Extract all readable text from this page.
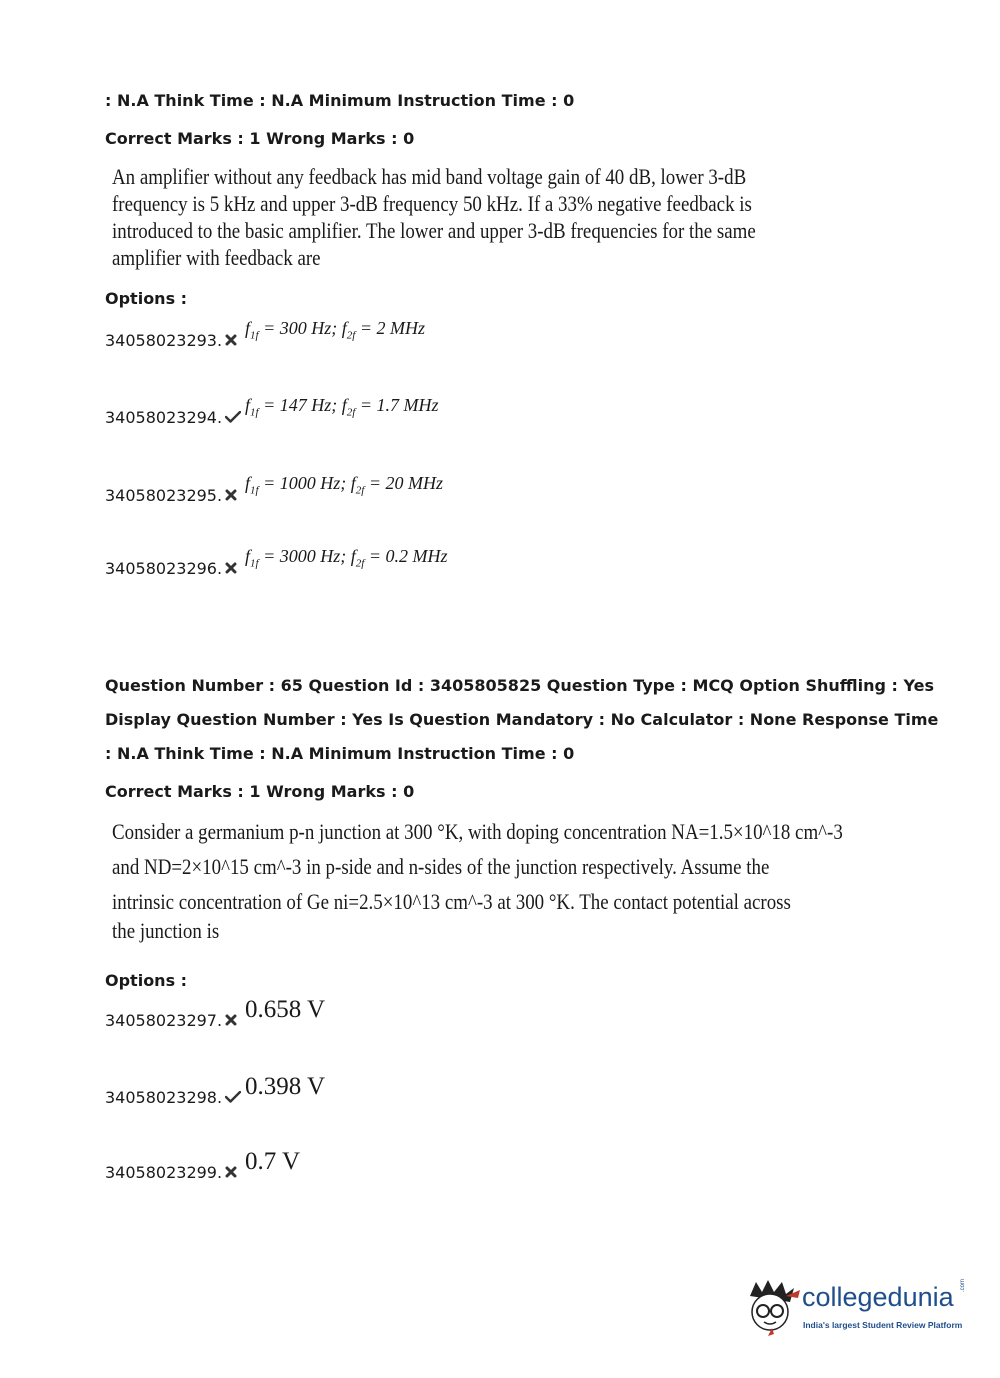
: N.A Think Time : N.A Minimum Instruction Time : 0
Correct Marks : 1 Wrong Marks : 0
An amplifier without any feedback has mid band voltage gain of 40 dB, lower 3-dB
frequency is 5 kHz and upper 3-dB frequency 50 kHz. If a 33% negative feedback is
introduced to the basic amplifier. The lower and upper 3-dB frequencies for the same
amplifier with feedback are
Options :
34058023293.
$f_{1f} = 300$ Hz; $f_{2f} = 2$ MHz
34058023294.
$f_{1f} = 147$ Hz; $f_{2f} = 1.7$ MHz
34058023295.
$f_{1f} = 1000$ Hz; $f_{2f} = 20$ MHz
34058023296.
$f_{1f} = 3000$ Hz; $f_{2f} = 0.2$ MHz
Question Number : 65 Question Id : 3405805825 Question Type : MCQ Option Shuffling : Yes
Display Question Number : Yes Is Question Mandatory : No Calculator : None Response Time
: N.A Think Time : N.A Minimum Instruction Time : 0
Correct Marks : 1 Wrong Marks : 0
Consider a germanium p-n junction at 300 °K, with doping concentration NA=1.5×10^18 cm^-3
and ND=2×10^15 cm^-3 in p-side and n-sides of the junction respectively. Assume the
intrinsic concentration of Ge ni=2.5×10^13 cm^-3 at 300 °K. The contact potential across
the junction is
Options :
34058023297. 0.658 V
34058023298. 0.398 V
34058023299. 0.7 V
collegedunia .com
India's largest Student Review Platform
